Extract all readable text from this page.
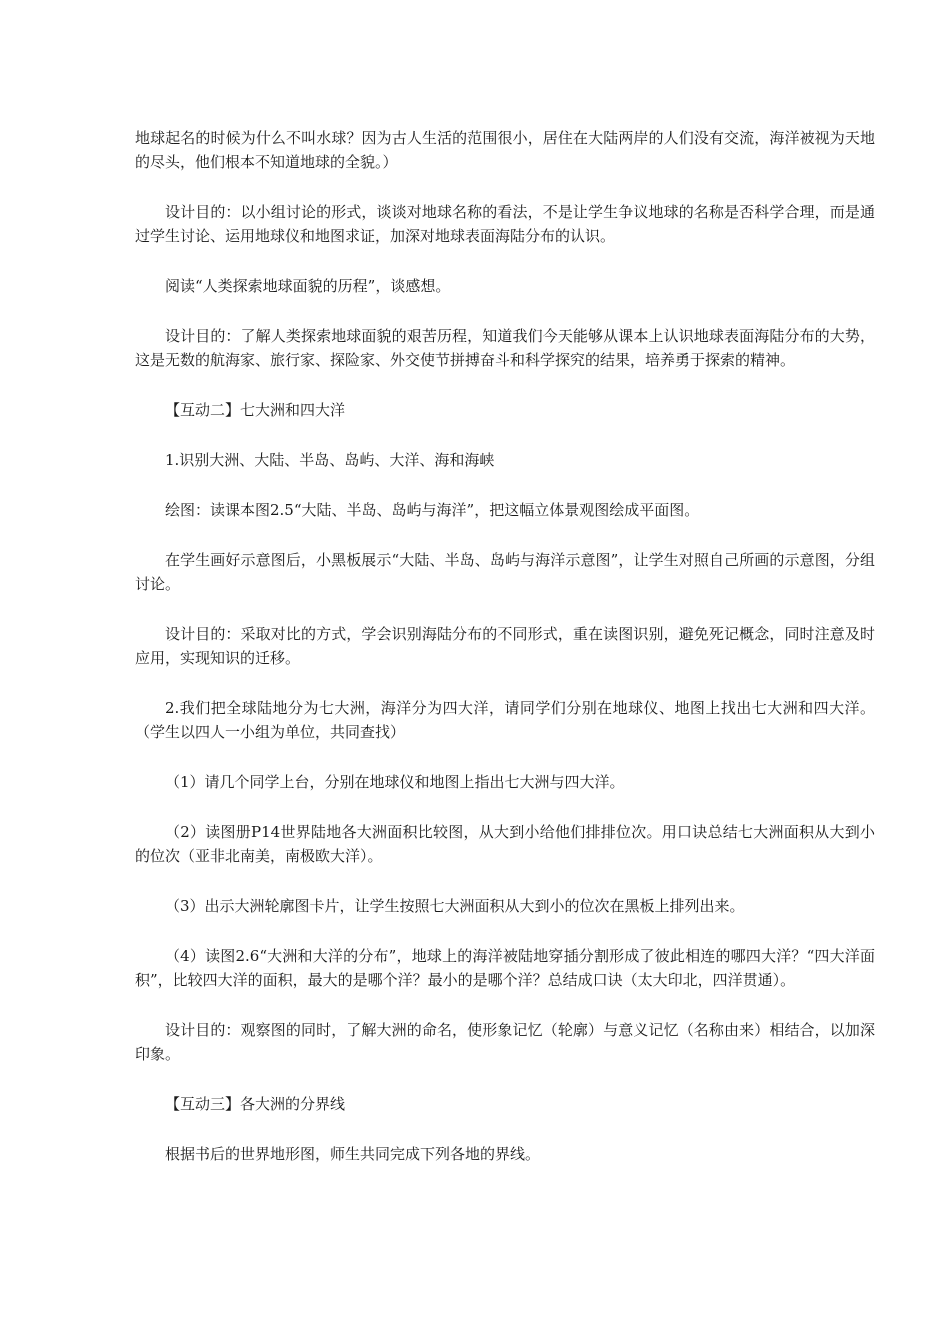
地球起名的时候为什么不叫水球？因为古人生活的范围很小，居住在大陆两岸的人们没有交流，海洋被视为天地的尽头，他们根本不知道地球的全貌。）

设计目的：以小组讨论的形式，谈谈对地球名称的看法，不是让学生争议地球的名称是否科学合理，而是通过学生讨论、运用地球仪和地图求证，加深对地球表面海陆分布的认识。

阅读“人类探索地球面貌的历程”，谈感想。

设计目的：了解人类探索地球面貌的艰苦历程，知道我们今天能够从课本上认识地球表面海陆分布的大势，这是无数的航海家、旅行家、探险家、外交使节拼搏奋斗和科学探究的结果，培养勇于探索的精神。

【互动二】七大洲和四大洋

1.识别大洲、大陆、半岛、岛屿、大洋、海和海峡

绘图：读课本图2.5“大陆、半岛、岛屿与海洋”，把这幅立体景观图绘成平面图。

在学生画好示意图后，小黑板展示“大陆、半岛、岛屿与海洋示意图”，让学生对照自己所画的示意图，分组讨论。

设计目的：采取对比的方式，学会识别海陆分布的不同形式，重在读图识别，避免死记概念，同时注意及时应用，实现知识的迁移。

2.我们把全球陆地分为七大洲，海洋分为四大洋，请同学们分别在地球仪、地图上找出七大洲和四大洋。（学生以四人一小组为单位，共同查找）

（1）请几个同学上台，分别在地球仪和地图上指出七大洲与四大洋。

（2）读图册P14世界陆地各大洲面积比较图，从大到小给他们排排位次。用口诀总结七大洲面积从大到小的位次（亚非北南美，南极欧大洋）。

（3）出示大洲轮廓图卡片，让学生按照七大洲面积从大到小的位次在黑板上排列出来。

（4）读图2.6“大洲和大洋的分布”，地球上的海洋被陆地穿插分割形成了彼此相连的哪四大洋？“四大洋面积”，比较四大洋的面积，最大的是哪个洋？最小的是哪个洋？总结成口诀（太大印北，四洋贯通）。

设计目的：观察图的同时，了解大洲的命名，使形象记忆（轮廓）与意义记忆（名称由来）相结合，以加深印象。

【互动三】各大洲的分界线

根据书后的世界地形图，师生共同完成下列各地的界线。
